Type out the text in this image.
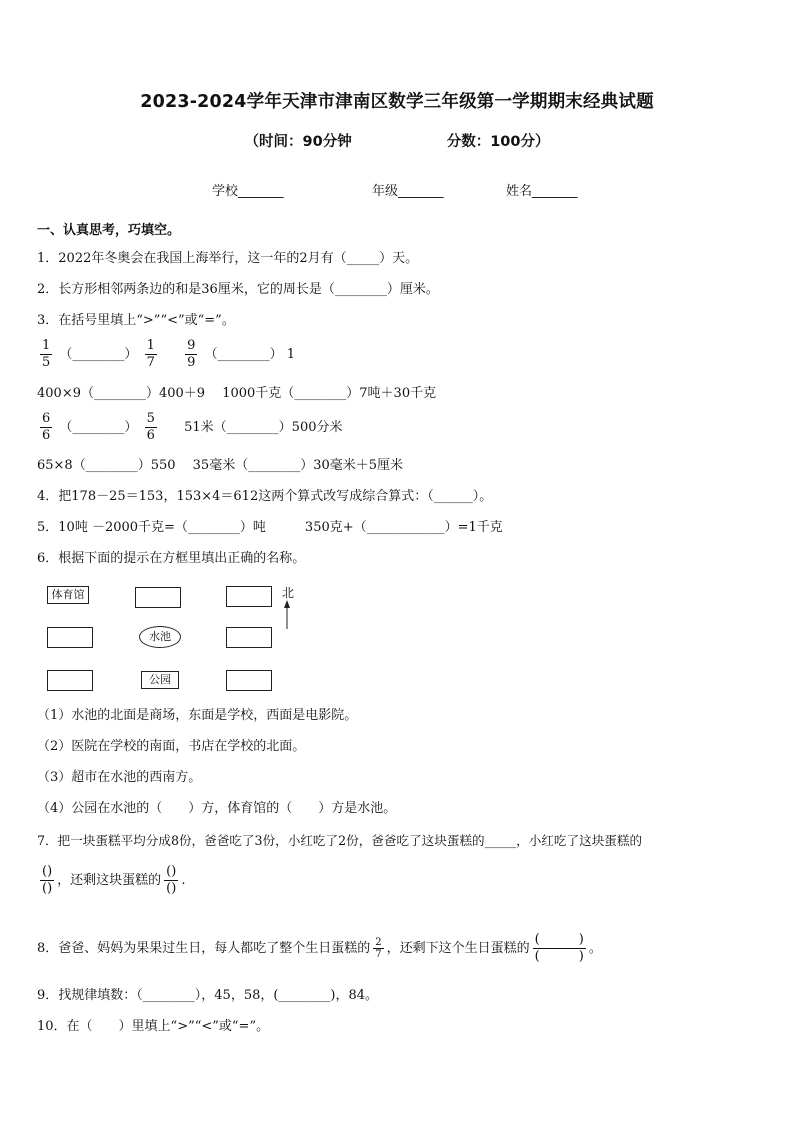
2023-2024学年天津市津南区数学三年级第一学期期末经典试题
（时间：90分钟	分数：100分）
学校_______	年级_______	姓名_______
一、认真思考，巧填空。
1．2022年冬奥会在我国上海举行，这一年的2月有（_____）天。
2．长方形相邻两条边的和是36厘米，它的周长是（________）厘米。
3．在括号里填上“>”“<”或“=”。
$\frac{1}{5}$ （________） $\frac{1}{7}$
$\frac{9}{9}$ （________） 1
400×9（________）400＋9　 1000千克（________）7吨＋30千克
$\frac{6}{6}$ （________） $\frac{5}{6} 51$米（________）500分米
65×8（________）550　 35毫米（________）30毫米＋5厘米
4．把178－25＝153，153×4＝612这两个算式改写成综合算式：（______）。
5．10吨 －2000千克=（________）吨　　　350克+（____________）=1千克
6．根据下面的提示在方框里填出正确的名称。
体育馆	北
水池
公园
（1）水池的北面是商场，东面是学校，西面是电影院。
（2）医院在学校的南面，书店在学校的北面。
（3）超市在水池的西南方。
（4）公园在水池的（　　）方，体育馆的（　　）方是水池。
7．把一块蛋糕平均分成8份，爸爸吃了3份，小红吃了2份，爸爸吃了这块蛋糕的_____，小红吃了这块蛋糕的
$\frac{()}{()}$ ，还剩这块蛋糕的 $\frac{()}{()}$ .
8．爸爸、妈妈为果果过生日，每人都吃了整个生日蛋糕的 $\frac{2}{7}$ ，还剩下这个生日蛋糕的 $\frac{( )}{( )}$ 。
9．找规律填数：（________），45，58，(________)，84。
10．在（　　）里填上“>”“<”或“=”。
